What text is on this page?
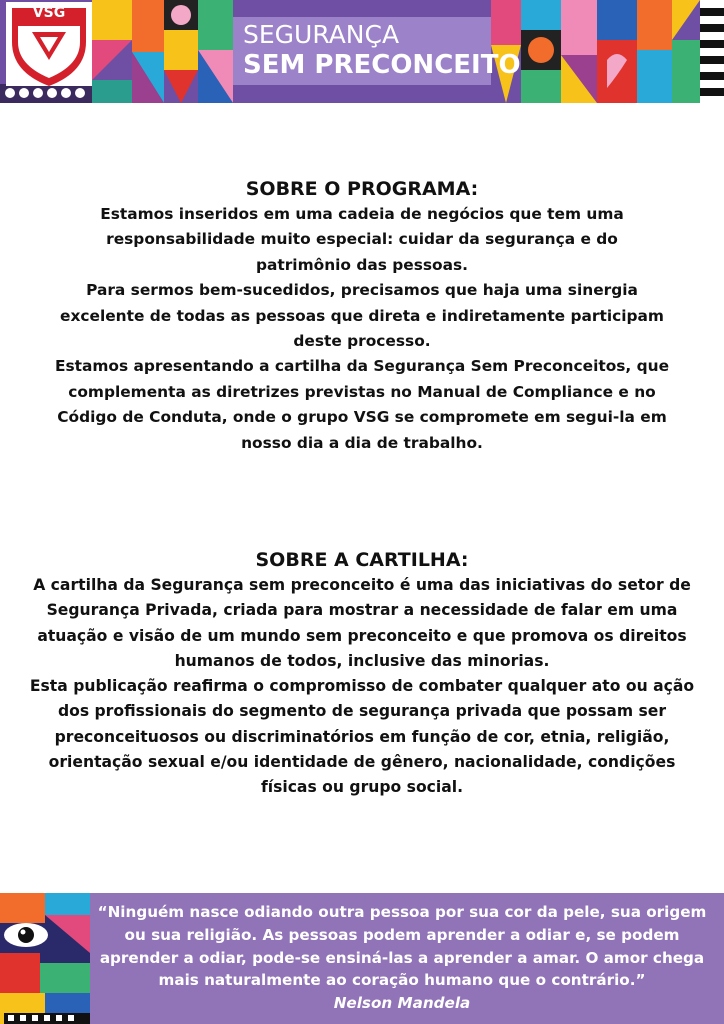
VSG
SEGURANÇA
SEM PRECONCEITO
SOBRE O PROGRAMA:

Estamos inseridos em uma cadeia de negócios que tem uma responsabilidade muito especial: cuidar da segurança e do patrimônio das pessoas.

Para sermos bem-sucedidos, precisamos que haja uma sinergia excelente de todas as pessoas que direta e indiretamente participam deste processo.

Estamos apresentando a cartilha da Segurança Sem Preconceitos, que complementa as diretrizes previstas no Manual de Compliance e no Código de Conduta, onde o grupo VSG se compromete em segui-la em nosso dia a dia de trabalho.

SOBRE A CARTILHA:

A cartilha da Segurança sem preconceito é uma das iniciativas do setor de Segurança Privada, criada para mostrar a necessidade de falar em uma atuação e visão de um mundo sem preconceito e que promova os direitos humanos de todos, inclusive das minorias.

Esta publicação reafirma o compromisso de combater qualquer ato ou ação dos profissionais do segmento de segurança privada que possam ser preconceituosos ou discriminatórios em função de cor, etnia, religião, orientação sexual e/ou identidade de gênero, nacionalidade, condições físicas ou grupo social.

“Ninguém nasce odiando outra pessoa por sua cor da pele, sua origem ou sua religião. As pessoas podem aprender a odiar e, se podem aprender a odiar, pode-se ensiná-las a aprender a amar. O amor chega mais naturalmente ao coração humano que o contrário.”
Nelson Mandela
